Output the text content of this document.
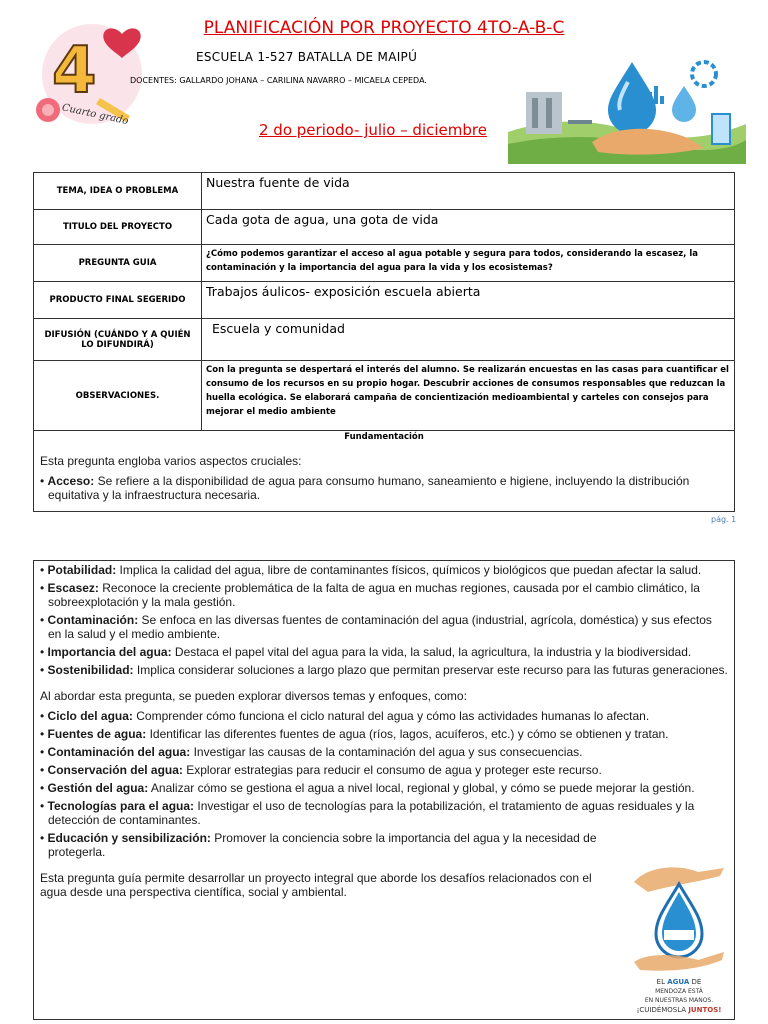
PLANIFICACIÓN POR PROYECTO 4TO-A-B-C
4
Cuarto grado
ESCUELA 1-527 BATALLA DE MAIPÚ
DOCENTES: GALLARDO JOHANA – CARILINA NAVARRO – MICAELA CEPEDA.
2 do periodo- julio – diciembre
TEMA, IDEA O PROBLEMA
Nuestra fuente de vida
TITULO DEL PROYECTO	Cada gota de agua, una gota de vida
PREGUNTA GUIA
¿Cómo podemos garantizar el acceso al agua potable y segura para todos, considerando la escasez, la contaminación y la importancia del agua para la vida y los ecosistemas?
PRODUCTO FINAL SEGERIDO
Trabajos áulicos- exposición escuela abierta
DIFUSIÓN (CUÁNDO Y A QUIÉN LO DIFUNDIRÁ)
Escuela y comunidad
OBSERVACIONES.
Con la pregunta se despertará el interés del alumno. Se realizarán encuestas en las casas para cuantificar el consumo de los recursos en su propio hogar. Descubrir acciones de consumos responsables que reduzcan la huella ecológica. Se elaborará campaña de concientización medioambiental y carteles con consejos para mejorar el medio ambiente
Fundamentación
Esta pregunta engloba varios aspectos cruciales:
• Acceso: Se refiere a la disponibilidad de agua para consumo humano, saneamiento e higiene, incluyendo la distribución equitativa y la infraestructura necesaria.
pág. 1
• Potabilidad: Implica la calidad del agua, libre de contaminantes físicos, químicos y biológicos que puedan afectar la salud.
• Escasez: Reconoce la creciente problemática de la falta de agua en muchas regiones, causada por el cambio climático, la sobreexplotación y la mala gestión.
• Contaminación: Se enfoca en las diversas fuentes de contaminación del agua (industrial, agrícola, doméstica) y sus efectos en la salud y el medio ambiente.
• Importancia del agua: Destaca el papel vital del agua para la vida, la salud, la agricultura, la industria y la biodiversidad.
• Sostenibilidad: Implica considerar soluciones a largo plazo que permitan preservar este recurso para las futuras generaciones.
Al abordar esta pregunta, se pueden explorar diversos temas y enfoques, como:
• Ciclo del agua: Comprender cómo funciona el ciclo natural del agua y cómo las actividades humanas lo afectan.
• Fuentes de agua: Identificar las diferentes fuentes de agua (ríos, lagos, acuíferos, etc.) y cómo se obtienen y tratan.
• Contaminación del agua: Investigar las causas de la contaminación del agua y sus consecuencias.
• Conservación del agua: Explorar estrategias para reducir el consumo de agua y proteger este recurso.
• Gestión del agua: Analizar cómo se gestiona el agua a nivel local, regional y global, y cómo se puede mejorar la gestión.
• Tecnologías para el agua: Investigar el uso de tecnologías para la potabilización, el tratamiento de aguas residuales y la detección de contaminantes.
• Educación y sensibilización: Promover la conciencia sobre la importancia del agua y la necesidad de protegerla.
Esta pregunta guía permite desarrollar un proyecto integral que aborde los desafíos relacionados con el agua desde una perspectiva científica, social y ambiental.
EL AGUA DE
MENDOZA ESTÁ
EN NUESTRAS MANOS.
¡CUIDÉMOSLA JUNTOS!
